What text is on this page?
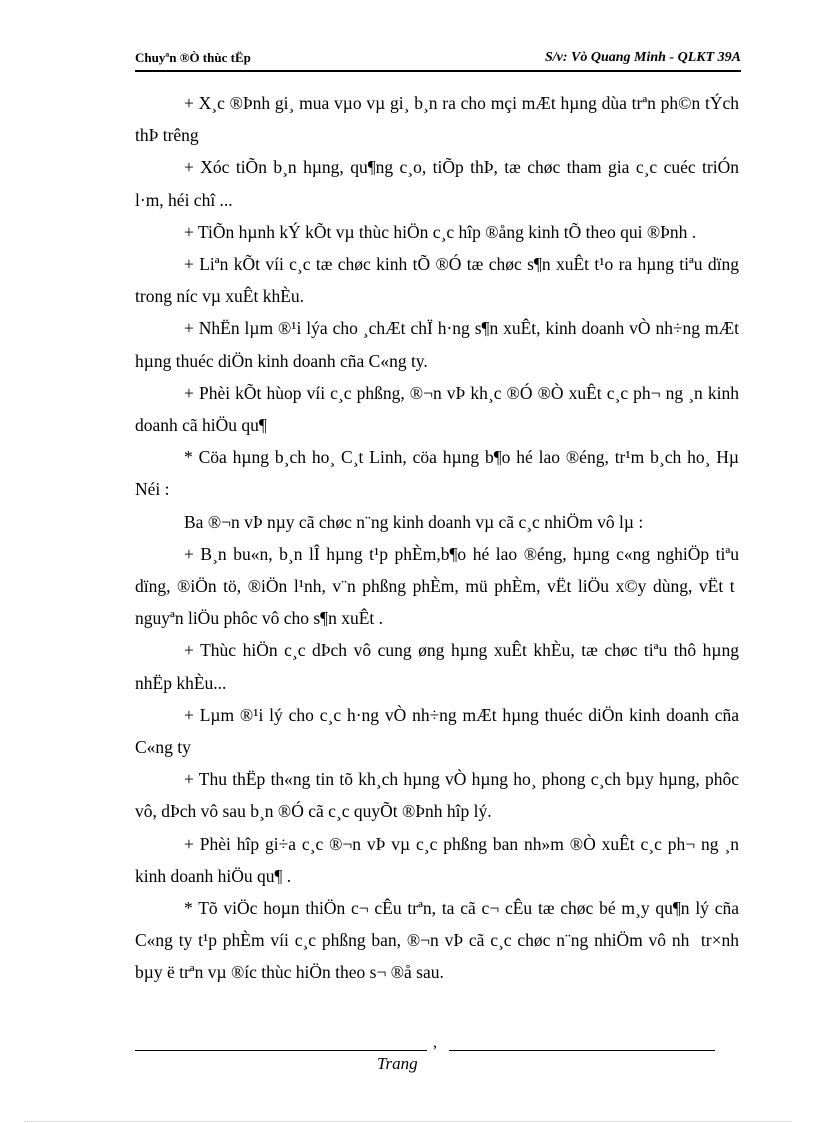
Chuyªn ®Ò thùc tËp	S/v: Vò Quang Minh - QLKT 39A

+ X¸c ®Þnh gi¸ mua vµo vµ gi¸ b¸n ra cho mçi mÆt hµng dùa trªn ph©n tÝch thÞ trêng

+ Xóc tiÕn b¸n hµng, qu¶ng c¸o, tiÕp thÞ, tæ chøc tham gia c¸c cuéc triÓn l·m, héi chî ...

+ TiÕn hµnh kÝ kÕt vµ thùc hiÖn c¸c hîp ®ång kinh tÕ theo qui ®Þnh .

+ Liªn kÕt víi c¸c tæ chøc kinh tÕ ®Ó tæ chøc s¶n xuÊt t¹o ra hµng tiªu dïng trong níc vµ xuÊt khÈu.

+ NhËn lµm ®¹i lýa cho ¸chÆt chÏ h·ng s¶n xuÊt, kinh doanh vÒ nh÷ng mÆt hµng thuéc diÖn kinh doanh cña C«ng ty.

+ Phèi kÕt hùop víi c¸c phßng, ®¬n vÞ kh¸c ®Ó ®Ò xuÊt c¸c ph¬ ng ¸n kinh doanh cã hiÖu qu¶

* Cöa hµng b¸ch ho¸ C¸t Linh, cöa hµng b¶o hé lao ®éng, tr¹m b¸ch ho¸ Hµ Néi :

Ba ®¬n vÞ nµy cã chøc n¨ng kinh doanh vµ cã c¸c nhiÖm vô lµ :

+ B¸n bu«n, b¸n lÎ hµng t¹p phÈm,b¶o hé lao ®éng, hµng c«ng nghiÖp tiªu dïng, ®iÖn tö, ®iÖn l¹nh, v¨n phßng phÈm, mü phÈm, vËt liÖu x©y dùng, vËt t  nguyªn liÖu phôc vô cho s¶n xuÊt .

+ Thùc hiÖn c¸c dÞch vô cung øng hµng xuÊt khÈu, tæ chøc tiªu thô hµng nhËp khÈu...

+ Lµm ®¹i lý cho c¸c h·ng vÒ nh÷ng mÆt hµng thuéc diÖn kinh doanh cña C«ng ty

+ Thu thËp th«ng tin tõ kh¸ch hµng vÒ hµng ho¸ phong c¸ch bµy hµng, phôc vô, dÞch vô sau b¸n ®Ó cã c¸c quyÕt ®Þnh hîp lý.

+ Phèi hîp gi÷a c¸c ®¬n vÞ vµ c¸c phßng ban nh»m ®Ò xuÊt c¸c ph¬ ng ¸n kinh doanh hiÖu qu¶ .

* Tõ viÖc hoµn thiÖn c¬ cÊu trªn, ta cã c¬ cÊu tæ chøc bé m¸y qu¶n lý cña C«ng ty t¹p phÈm víi c¸c phßng ban, ®¬n vÞ cã c¸c chøc n¨ng nhiÖm vô nh  tr×nh bµy ë trªn vµ ®íc thùc hiÖn theo s¬ ®å sau.

,
Trang
